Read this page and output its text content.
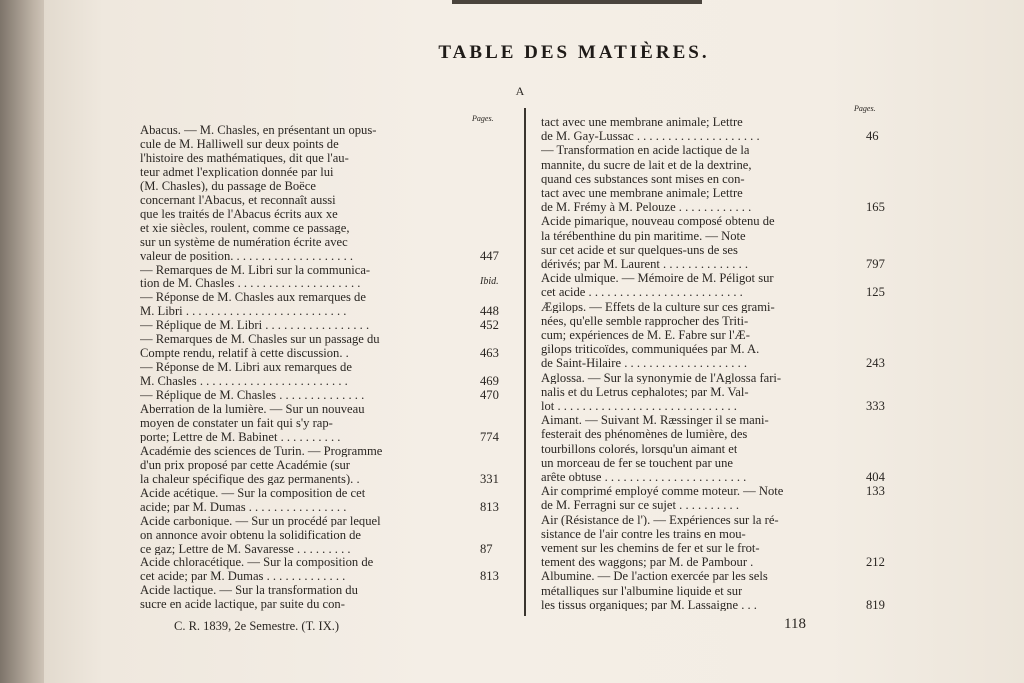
TABLE DES MATIÈRES.
A
Pages.
Pages.
Abacus. — M. Chasles, en présentant un opus-
cule de M. Halliwell sur deux points de
l'histoire des mathématiques, dit que l'au-
teur admet l'explication donnée par lui
(M. Chasles), du passage de Boëce
concernant l'Abacus, et reconnaît aussi
que les traités de l'Abacus écrits aux xe
et xie siècles, roulent, comme ce passage,
sur un système de numération écrite avec
valeur de position. . . . . . . . . . . . . . . . . . . .	447
— Remarques de M. Libri sur la communica-
tion de M. Chasles . . . . . . . . . . . . . . . . . . . .	Ibid.
— Réponse de M. Chasles aux remarques de
M. Libri . . . . . . . . . . . . . . . . . . . . . . . . . .	448
— Réplique de M. Libri . . . . . . . . . . . . . . . . .	452
— Remarques de M. Chasles sur un passage du
Compte rendu, relatif à cette discussion. .	463
— Réponse de M. Libri aux remarques de
M. Chasles . . . . . . . . . . . . . . . . . . . . . . . .	469
— Réplique de M. Chasles . . . . . . . . . . . . . .	470
Aberration de la lumière. — Sur un nouveau
moyen de constater un fait qui s'y rap-
porte; Lettre de M. Babinet . . . . . . . . . .	774
Académie des sciences de Turin. — Programme
d'un prix proposé par cette Académie (sur
la chaleur spécifique des gaz permanents). .	331
Acide acétique. — Sur la composition de cet
acide; par M. Dumas . . . . . . . . . . . . . . . .	813
Acide carbonique. — Sur un procédé par lequel
on annonce avoir obtenu la solidification de
ce gaz; Lettre de M. Savaresse . . . . . . . . .	87
Acide chloracétique. — Sur la composition de
cet acide; par M. Dumas . . . . . . . . . . . . .	813
Acide lactique. — Sur la transformation du
sucre en acide lactique, par suite du con-
tact avec une membrane animale; Lettre
de M. Gay-Lussac . . . . . . . . . . . . . . . . . . . .	46
— Transformation en acide lactique de la
mannite, du sucre de lait et de la dextrine,
quand ces substances sont mises en con-
tact avec une membrane animale; Lettre
de M. Frémy à M. Pelouze . . . . . . . . . . . .	165
Acide pimarique, nouveau composé obtenu de
la térébenthine du pin maritime. — Note
sur cet acide et sur quelques-uns de ses
dérivés; par M. Laurent . . . . . . . . . . . . . .	797
Acide ulmique. — Mémoire de M. Péligot sur
cet acide . . . . . . . . . . . . . . . . . . . . . . . . .	125
Ægilops. — Effets de la culture sur ces grami-
nées, qu'elle semble rapprocher des Triti-
cum; expériences de M. E. Fabre sur l'Æ-
gilops triticoïdes, communiquées par M. A.
de Saint-Hilaire . . . . . . . . . . . . . . . . . . . .	243
Aglossa. — Sur la synonymie de l'Aglossa fari-
nalis et du Letrus cephalotes; par M. Val-
lot . . . . . . . . . . . . . . . . . . . . . . . . . . . . .	333
Aimant. — Suivant M. Ræssinger il se mani-
festerait des phénomènes de lumière, des
tourbillons colorés, lorsqu'un aimant et
un morceau de fer se touchent par une
arête obtuse . . . . . . . . . . . . . . . . . . . . . . .	404
Air comprimé employé comme moteur. — Note	133
de M. Ferragni sur ce sujet . . . . . . . . . .
Air (Résistance de l'). — Expériences sur la ré-
sistance de l'air contre les trains en mou-
vement sur les chemins de fer et sur le frot-
tement des waggons; par M. de Pambour .	212
Albumine. — De l'action exercée par les sels
métalliques sur l'albumine liquide et sur
les tissus organiques; par M. Lassaigne . . .	819
C. R. 1839, 2e Semestre. (T. IX.)	118
